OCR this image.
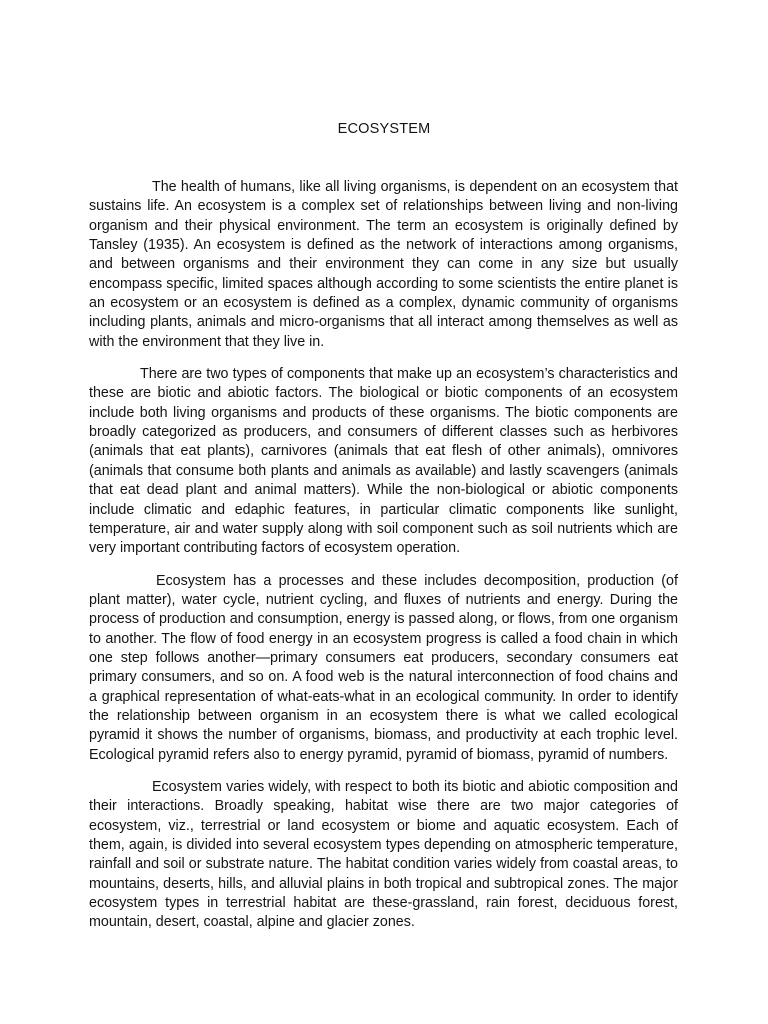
ECOSYSTEM

The health of humans, like all living organisms, is dependent on an ecosystem that sustains life. An ecosystem is a complex set of relationships between living and non-living organism and their physical environment. The term an ecosystem is originally defined by Tansley (1935). An ecosystem is defined as the network of interactions among organisms, and between organisms and their environment they can come in any size but usually encompass specific, limited spaces although according to some scientists the entire planet is an ecosystem or an ecosystem is defined as a complex, dynamic community of organisms including plants, animals and micro-organisms that all interact among themselves as well as with the environment that they live in.

There are two types of components that make up an ecosystem’s characteristics and these are biotic and abiotic factors. The biological or biotic components of an ecosystem include both living organisms and products of these organisms. The biotic components are broadly categorized as producers, and consumers of different classes such as herbivores (animals that eat plants), carnivores (animals that eat flesh of other animals), omnivores (animals that consume both plants and animals as available) and lastly scavengers (animals that eat dead plant and animal matters). While the non-biological or abiotic components include climatic and edaphic features, in particular climatic components like sunlight, temperature, air and water supply along with soil component such as soil nutrients which are very important contributing factors of ecosystem operation.

Ecosystem has a processes and these includes decomposition, production (of plant matter), water cycle, nutrient cycling, and fluxes of nutrients and energy. During the process of production and consumption, energy is passed along, or flows, from one organism to another. The flow of food energy in an ecosystem progress is called a food chain in which one step follows another—primary consumers eat producers, secondary consumers eat primary consumers, and so on. A food web is the natural interconnection of food chains and a graphical representation of what-eats-what in an ecological community. In order to identify the relationship between organism in an ecosystem there is what we called ecological pyramid it shows the number of organisms, biomass, and productivity at each trophic level. Ecological pyramid refers also to energy pyramid, pyramid of biomass, pyramid of numbers.

Ecosystem varies widely, with respect to both its biotic and abiotic composition and their interactions. Broadly speaking, habitat wise there are two major categories of ecosystem, viz., terrestrial or land ecosystem or biome and aquatic ecosystem. Each of them, again, is divided into several ecosystem types depending on atmospheric temperature, rainfall and soil or substrate nature. The habitat condition varies widely from coastal areas, to mountains, deserts, hills, and alluvial plains in both tropical and subtropical zones. The major ecosystem types in terrestrial habitat are these-grassland, rain forest, deciduous forest, mountain, desert, coastal, alpine and glacier zones.
